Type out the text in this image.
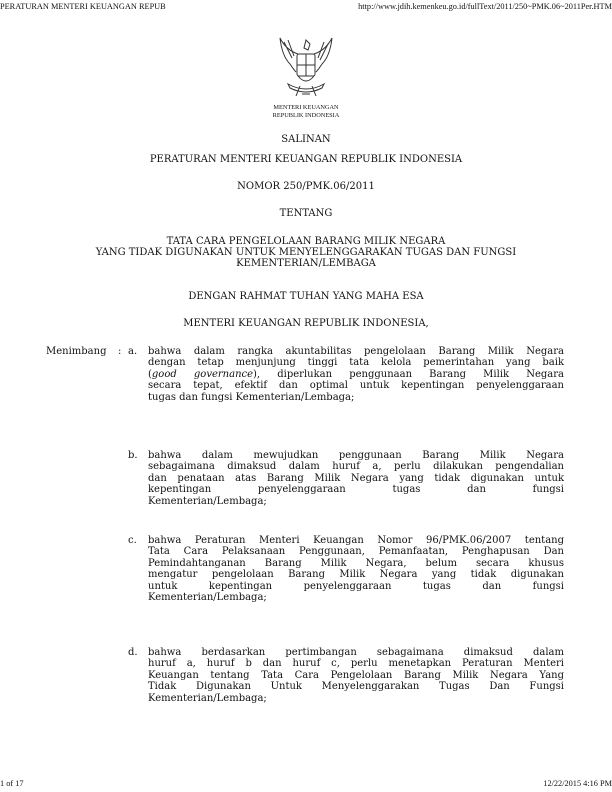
PERATURAN MENTERI KEUANGAN REPUB	http://www.jdih.kemenkeu.go.id/fullText/2011/250~PMK.06~2011Per.HTM
MENTERI KEUANGAN
REPUBLIK INDONESIA
SALINAN
PERATURAN MENTERI KEUANGAN REPUBLIK INDONESIA
NOMOR 250/PMK.06/2011
TENTANG
TATA CARA PENGELOLAAN BARANG MILIK NEGARA
YANG TIDAK DIGUNAKAN UNTUK MENYELENGGARAKAN TUGAS DAN FUNGSI
KEMENTERIAN/LEMBAGA
DENGAN RAHMAT TUHAN YANG MAHA ESA
MENTERI KEUANGAN REPUBLIK INDONESIA,
Menimbang : a. bahwa dalam rangka akuntabilitas pengelolaan Barang Milik Negara
dengan tetap menjunjung tinggi tata kelola pemerintahan yang baik
(good governance), diperlukan penggunaan Barang Milik Negara
secara tepat, efektif dan optimal untuk kepentingan penyelenggaraan
tugas dan fungsi Kementerian/Lembaga;
b. bahwa dalam mewujudkan penggunaan Barang Milik Negara
sebagaimana dimaksud dalam huruf a, perlu dilakukan pengendalian
dan penataan atas Barang Milik Negara yang tidak digunakan untuk
kepentingan penyelenggaraan tugas dan fungsi
Kementerian/Lembaga;
c. bahwa Peraturan Menteri Keuangan Nomor 96/PMK.06/2007 tentang
Tata Cara Pelaksanaan Penggunaan, Pemanfaatan, Penghapusan Dan
Pemindahtanganan Barang Milik Negara, belum secara khusus
mengatur pengelolaan Barang Milik Negara yang tidak digunakan
untuk kepentingan penyelenggaraan tugas dan fungsi
Kementerian/Lembaga;
d. bahwa berdasarkan pertimbangan sebagaimana dimaksud dalam
huruf a, huruf b dan huruf c, perlu menetapkan Peraturan Menteri
Keuangan tentang Tata Cara Pengelolaan Barang Milik Negara Yang
Tidak Digunakan Untuk Menyelenggarakan Tugas Dan Fungsi
Kementerian/Lembaga;
1 of 17	12/22/2015 4:16 PM
